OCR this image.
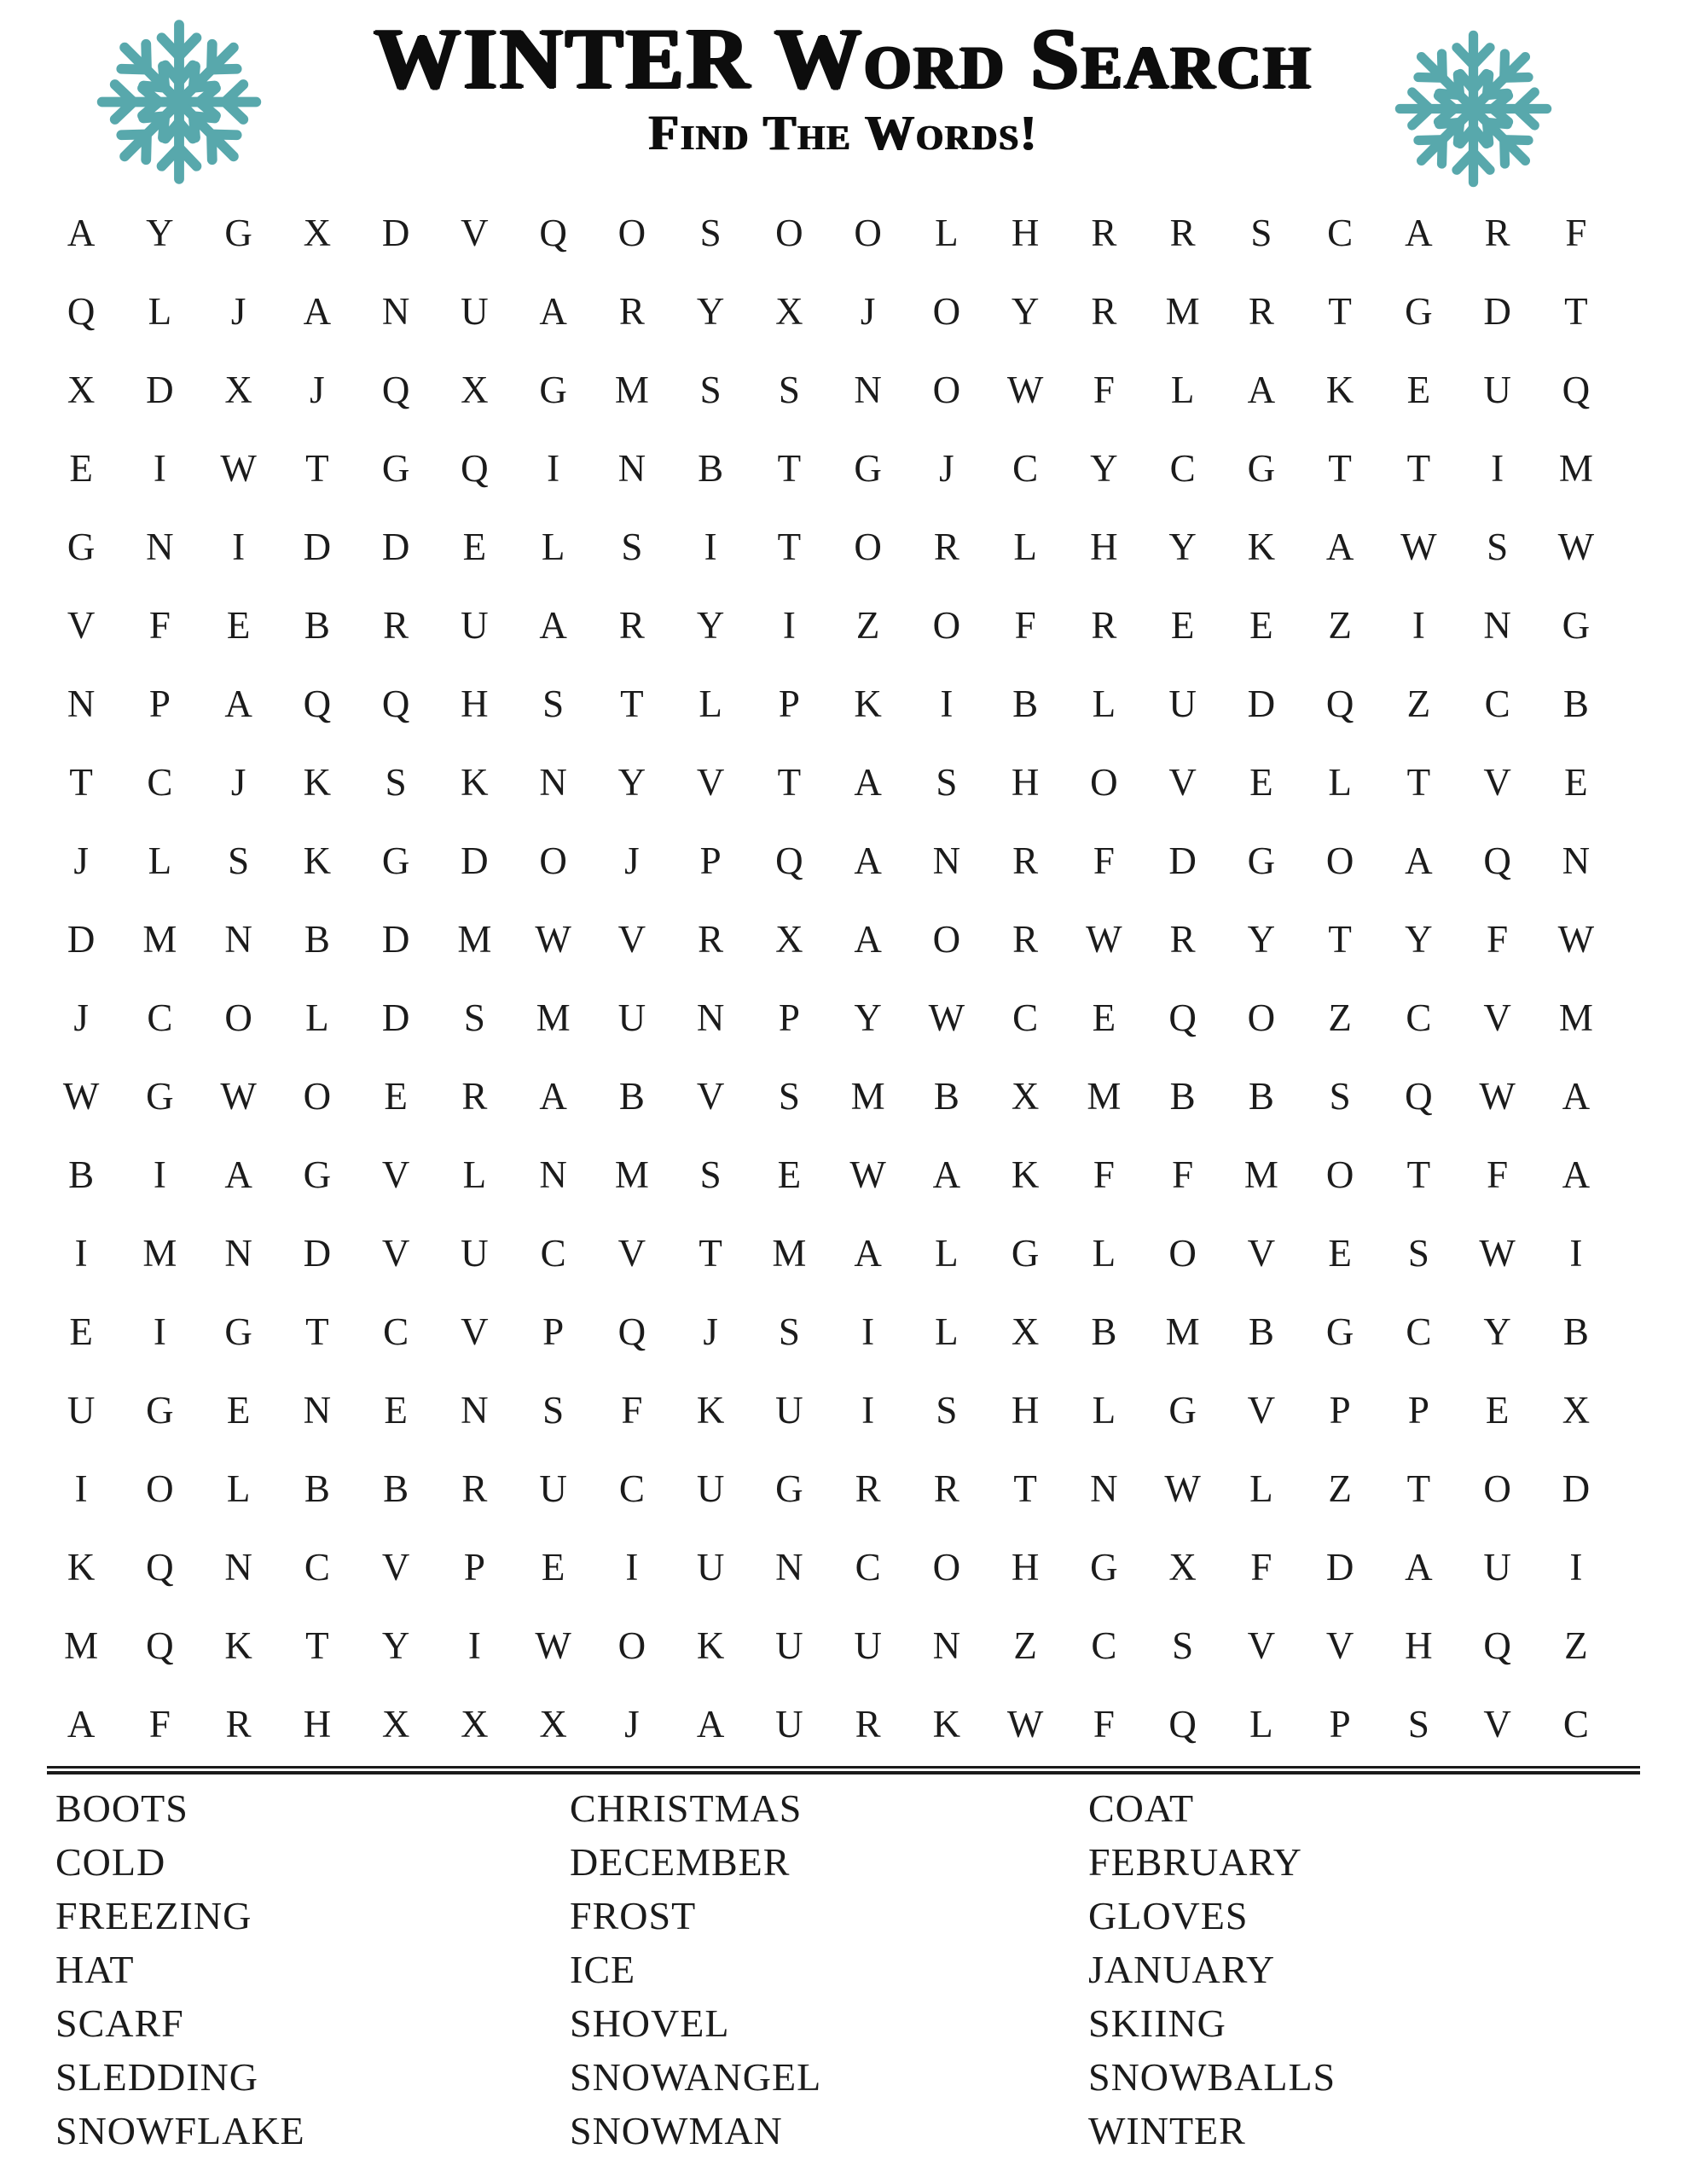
WINTER Word Search
Find The Words!
A	Y	G	X	D	V	Q	O	S	O	O	L	H	R	R	S	C	A	R	F
Q	L	J	A	N	U	A	R	Y	X	J	O	Y	R	M	R	T	G	D	T
X	D	X	J	Q	X	G	M	S	S	N	O	W	F	L	A	K	E	U	Q
E	I	W	T	G	Q	I	N	B	T	G	J	C	Y	C	G	T	T	I	M
G	N	I	D	D	E	L	S	I	T	O	R	L	H	Y	K	A	W	S	W
V	F	E	B	R	U	A	R	Y	I	Z	O	F	R	E	E	Z	I	N	G
N	P	A	Q	Q	H	S	T	L	P	K	I	B	L	U	D	Q	Z	C	B
T	C	J	K	S	K	N	Y	V	T	A	S	H	O	V	E	L	T	V	E
J	L	S	K	G	D	O	J	P	Q	A	N	R	F	D	G	O	A	Q	N
D	M	N	B	D	M	W	V	R	X	A	O	R	W	R	Y	T	Y	F	W
J	C	O	L	D	S	M	U	N	P	Y	W	C	E	Q	O	Z	C	V	M
W	G	W	O	E	R	A	B	V	S	M	B	X	M	B	B	S	Q	W	A
B	I	A	G	V	L	N	M	S	E	W	A	K	F	F	M	O	T	F	A
I	M	N	D	V	U	C	V	T	M	A	L	G	L	O	V	E	S	W	I
E	I	G	T	C	V	P	Q	J	S	I	L	X	B	M	B	G	C	Y	B
U	G	E	N	E	N	S	F	K	U	I	S	H	L	G	V	P	P	E	X
I	O	L	B	B	R	U	C	U	G	R	R	T	N	W	L	Z	T	O	D
K	Q	N	C	V	P	E	I	U	N	C	O	H	G	X	F	D	A	U	I
M	Q	K	T	Y	I	W	O	K	U	U	N	Z	C	S	V	V	H	Q	Z
A	F	R	H	X	X	X	J	A	U	R	K	W	F	Q	L	P	S	V	C
BOOTS
COLD
FREEZING
HAT
SCARF
SLEDDING
SNOWFLAKE
CHRISTMAS
DECEMBER
FROST
ICE
SHOVEL
SNOWANGEL
SNOWMAN
COAT
FEBRUARY
GLOVES
JANUARY
SKIING
SNOWBALLS
WINTER
